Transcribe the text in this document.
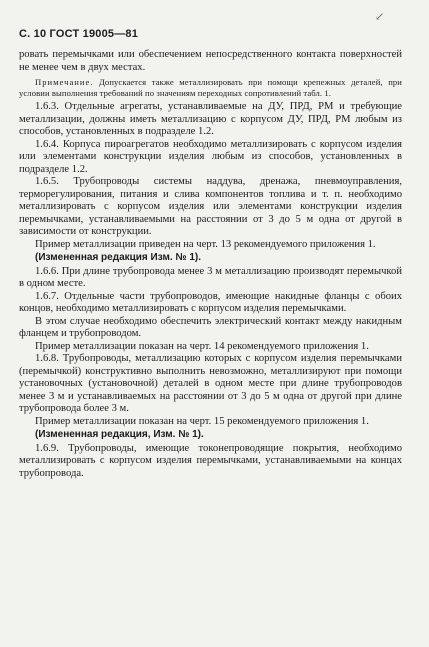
С. 10 ГОСТ 19005—81
↙

ровать перемычками или обеспечением непосредственного контакта поверхностей не менее чем в двух местах.

Примечание. Допускается также металлизировать при помощи крепежных деталей, при условии выполнения требований по значениям переходных сопротивлений табл. 1.

1.6.3. Отдельные агрегаты, устанавливаемые на ДУ, ПРД, РМ и требующие металлизации, должны иметь металлизацию с корпусом ДУ, ПРД, РМ любым из способов, установленных в подразделе 1.2.

1.6.4. Корпуса пироагрегатов необходимо металлизировать с корпусом изделия или элементами конструкции изделия любым из способов, установленных в подразделе 1.2.

1.6.5. Трубопроводы системы наддува, дренажа, пневмоуправления, терморегулирования, питания и слива компонентов топлива и т. п. необходимо металлизировать с корпусом изделия или элементами конструкции изделия перемычками, устанавливаемыми на расстоянии от 3 до 5 м одна от другой в зависимости от конструкции.

Пример металлизации приведен на черт. 13 рекомендуемого приложения 1.

(Измененная редакция Изм. № 1).

1.6.6. При длине трубопровода менее 3 м металлизацию производят перемычкой в одном месте.

1.6.7. Отдельные части трубопроводов, имеющие накидные фланцы с обоих концов, необходимо металлизировать с корпусом изделия перемычками.

В этом случае необходимо обеспечить электрический контакт между накидным фланцем и трубопроводом.

Пример металлизации показан на черт. 14 рекомендуемого приложения 1.

1.6.8. Трубопроводы, металлизацию которых с корпусом изделия перемычками (перемычкой) конструктивно выполнить невозможно, металлизируют при помощи установочных (установочной) деталей в одном месте при длине трубопроводов менее 3 м и устанавливаемых на расстоянии от 3 до 5 м одна от другой при длине трубопровода более 3 м.

Пример металлизации показан на черт. 15 рекомендуемого приложения 1.

(Измененная редакция, Изм. № 1).

1.6.9. Трубопроводы, имеющие токонепроводящие покрытия, необходимо металлизировать с корпусом изделия перемычками, устанавливаемыми на концах трубопровода.
